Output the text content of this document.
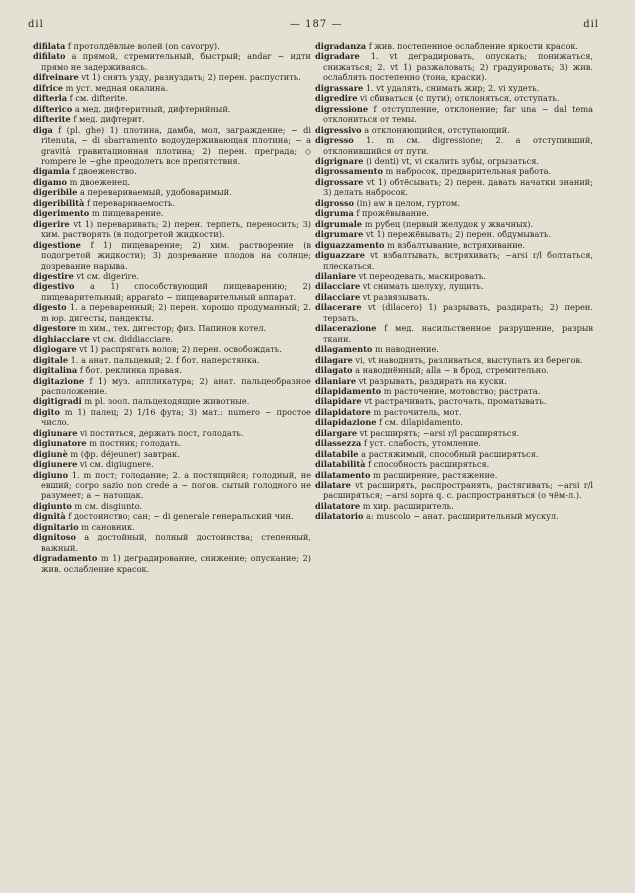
dil	— 187 —	dil

difilata f протолдёвлые волей (on cavorpy).

difilato a прямой, стремительный, быстрый; andar ~ идти прямо не задерживаясь.

difreinare vt 1) снять узду, разнуздать; 2) перен. распустить.

difrice m уст. медная окалина.

difterla f см. difterite.

difterico a мед. дифтеритный, дифтерийный.

difterite f мед. дифтерит.

diga f (pl. ghe) 1) плотина, дамба, мол, заграждение; ~ di ritenuta, ~ di sbarramento водоудерживающая плотина; ~ a gravità гравитационная плотина; 2) перен. преграда; ◇ rompere le ~ghe преодолеть все препятствия.

digamia f двоеженство.

digamo m двоеженец.

digeribile a перевариваемый, удобоваримый.

digeribilità f перевариваемость.

digerimento m пищеварение.

digerire vt 1) переваривать; 2) перен. терпеть, переносить; 3) хим. растворять (в подогретой жидкости).

digestione f 1) пищеварение; 2) хим. растворение (в подогретой жидкости); 3) дозревание плодов на солнце; дозревание нарыва.

digestire vt см. digerire.

digestivo a 1) способствующий пищеварению; 2) пищеварительный; apparato ~ пищеварительный аппарат.

digesto 1. a переваренный; 2) перен. хорошо продуманный; 2. m юр. дигесты, пандекты.

digestore m хим., тех. дигестор; физ. Папинов котел.

dighiacciare vt см. diddiacciare.

digiogare vt 1) распрягать волов; 2) перен. освобождать.

digitale 1. a анат. пальцевый; 2. f бот. наперстянка.

digitalina f бот. реклинка правая.

digitazione f 1) муз. аппликатура; 2) анат. пальцеобразное расположение.

digitigradi m pl. зоол. пальцеходящие животные.

digito m 1) палец; 2) 1/16 фута; 3) мат.: numero ~ простое число.

digiunare vi поститься, держать пост, голодать.

digiunatore m постник; голодать.

digiunè m (фр. déjeuner) завтрак.

digiunere vi см. digiugnere.

digiuno 1. m пост; голодание; 2. a постящийся; голодный, не евший; corpo sazio non crede a ~ погов. сытый голодного не разумеет; a ~ натощак.

digiunto m см. disgiunto.

dignità f достоинство; сан; ~ di generale генеральский чин.

dignitario m сановник.

dignitoso a достойный, полный достоинства; степенный, важный.

digradamento m 1) деградирование, снижение; опускание; 2) жив. ослабление красок.

digradanza f жив. постепенное ослабление яркости красок.

digradare 1. vt деградировать, опускать; понижаться, снижаться; 2. vt 1) разжаловать; 2) градуировать; 3) жив. ослаблять постепенно (тона, краски).

digrassare 1. vt удалять, снимать жир; 2. vi худеть.

digredire vi сбиваться (с пути); отклоняться, отступать.

digressione f отступление, отклонение; far una ~ dal tema отклониться от темы.

digressivo a отклоняющийся, отступающий.

digresso 1. m см. digressione; 2. a отступивший, отклонившийся от пути.

digrignare (i denti) vt, vi скалить зубы, огрызаться.

digrossamento m набросок, предварительная работа.

digrossare vt 1) обтёсывать; 2) перен. давать начатки знаний; 3) делать набросок.

digrosso (in) aw в целом, гуртом.

digruma f прожёвывание.

digrumale m рубец (первый желудок у жвачных).

digrumare vt 1) пережёвывать; 2) перен. обдумывать.

diguazzamento m взбалтывание, встряхивание.

diguazzare vt взбалтывать, встряхивать; ~arsi r/l болтаться, плескаться.

dilaniare vt переодевать, маскировать.

dilacciare vt снимать шелуху, лущить.

dilacciare vt развязывать.

dilacerare vt (dilacero) 1) разрывать, раздирать; 2) перен. терзать.

dilacerazione f мед. насильственное разрушение, разрыв ткани.

dilagamento m наводнение.

dilagare vi, vt наводнять, разливаться, выступать из берегов.

dilagato a наводнённый; alla ~ в брод, стремительно.

dilaniare vt разрывать, раздирать на куски.

dilapidamento m расточение, мотовство; растрата.

dilapidare vt растрачивать, расточать, проматывать.

dilapidatore m расточитель, мот.

dilapidazione f см. dilapidamento.

dilargare vt расширять; ~arsi r/l расширяться.

dilassezza f уст. слабость, утомление.

dilatabile a растяжимый, способный расширяться.

dilatabilità f способность расширяться.

dilatamento m расширение, растяжение.

dilatare vt расширять, распространять, растягивать; ~arsi r/l расширяться; ~arsi sopra q. c. распространяться (о чём-л.).

dilatatore m хир. расширитель.

dilatatorio a: muscolo ~ анат. расширительный мускул.
